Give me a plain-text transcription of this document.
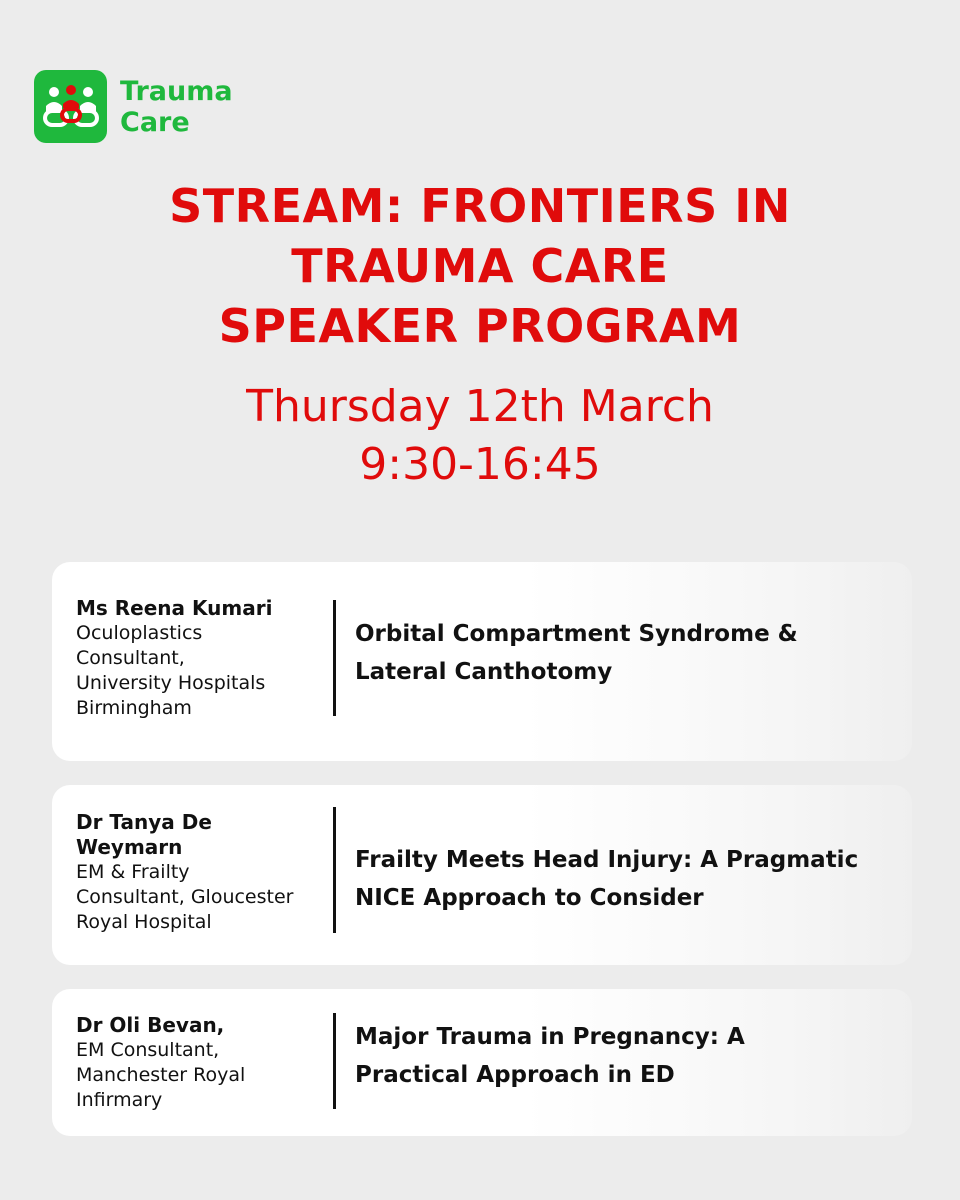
Trauma
Care
STREAM: FRONTIERS IN
TRAUMA CARE
SPEAKER PROGRAM
Thursday 12th March
9:30-16:45
Ms Reena Kumari
Oculoplastics
Consultant,
University Hospitals
Birmingham
Orbital Compartment Syndrome &
Lateral Canthotomy
Dr Tanya De
Weymarn
EM & Frailty
Consultant, Gloucester
Royal Hospital
Frailty Meets Head Injury: A Pragmatic
NICE Approach to Consider
Dr Oli Bevan,
EM Consultant,
Manchester Royal
Infirmary
Major Trauma in Pregnancy: A
Practical Approach in ED
